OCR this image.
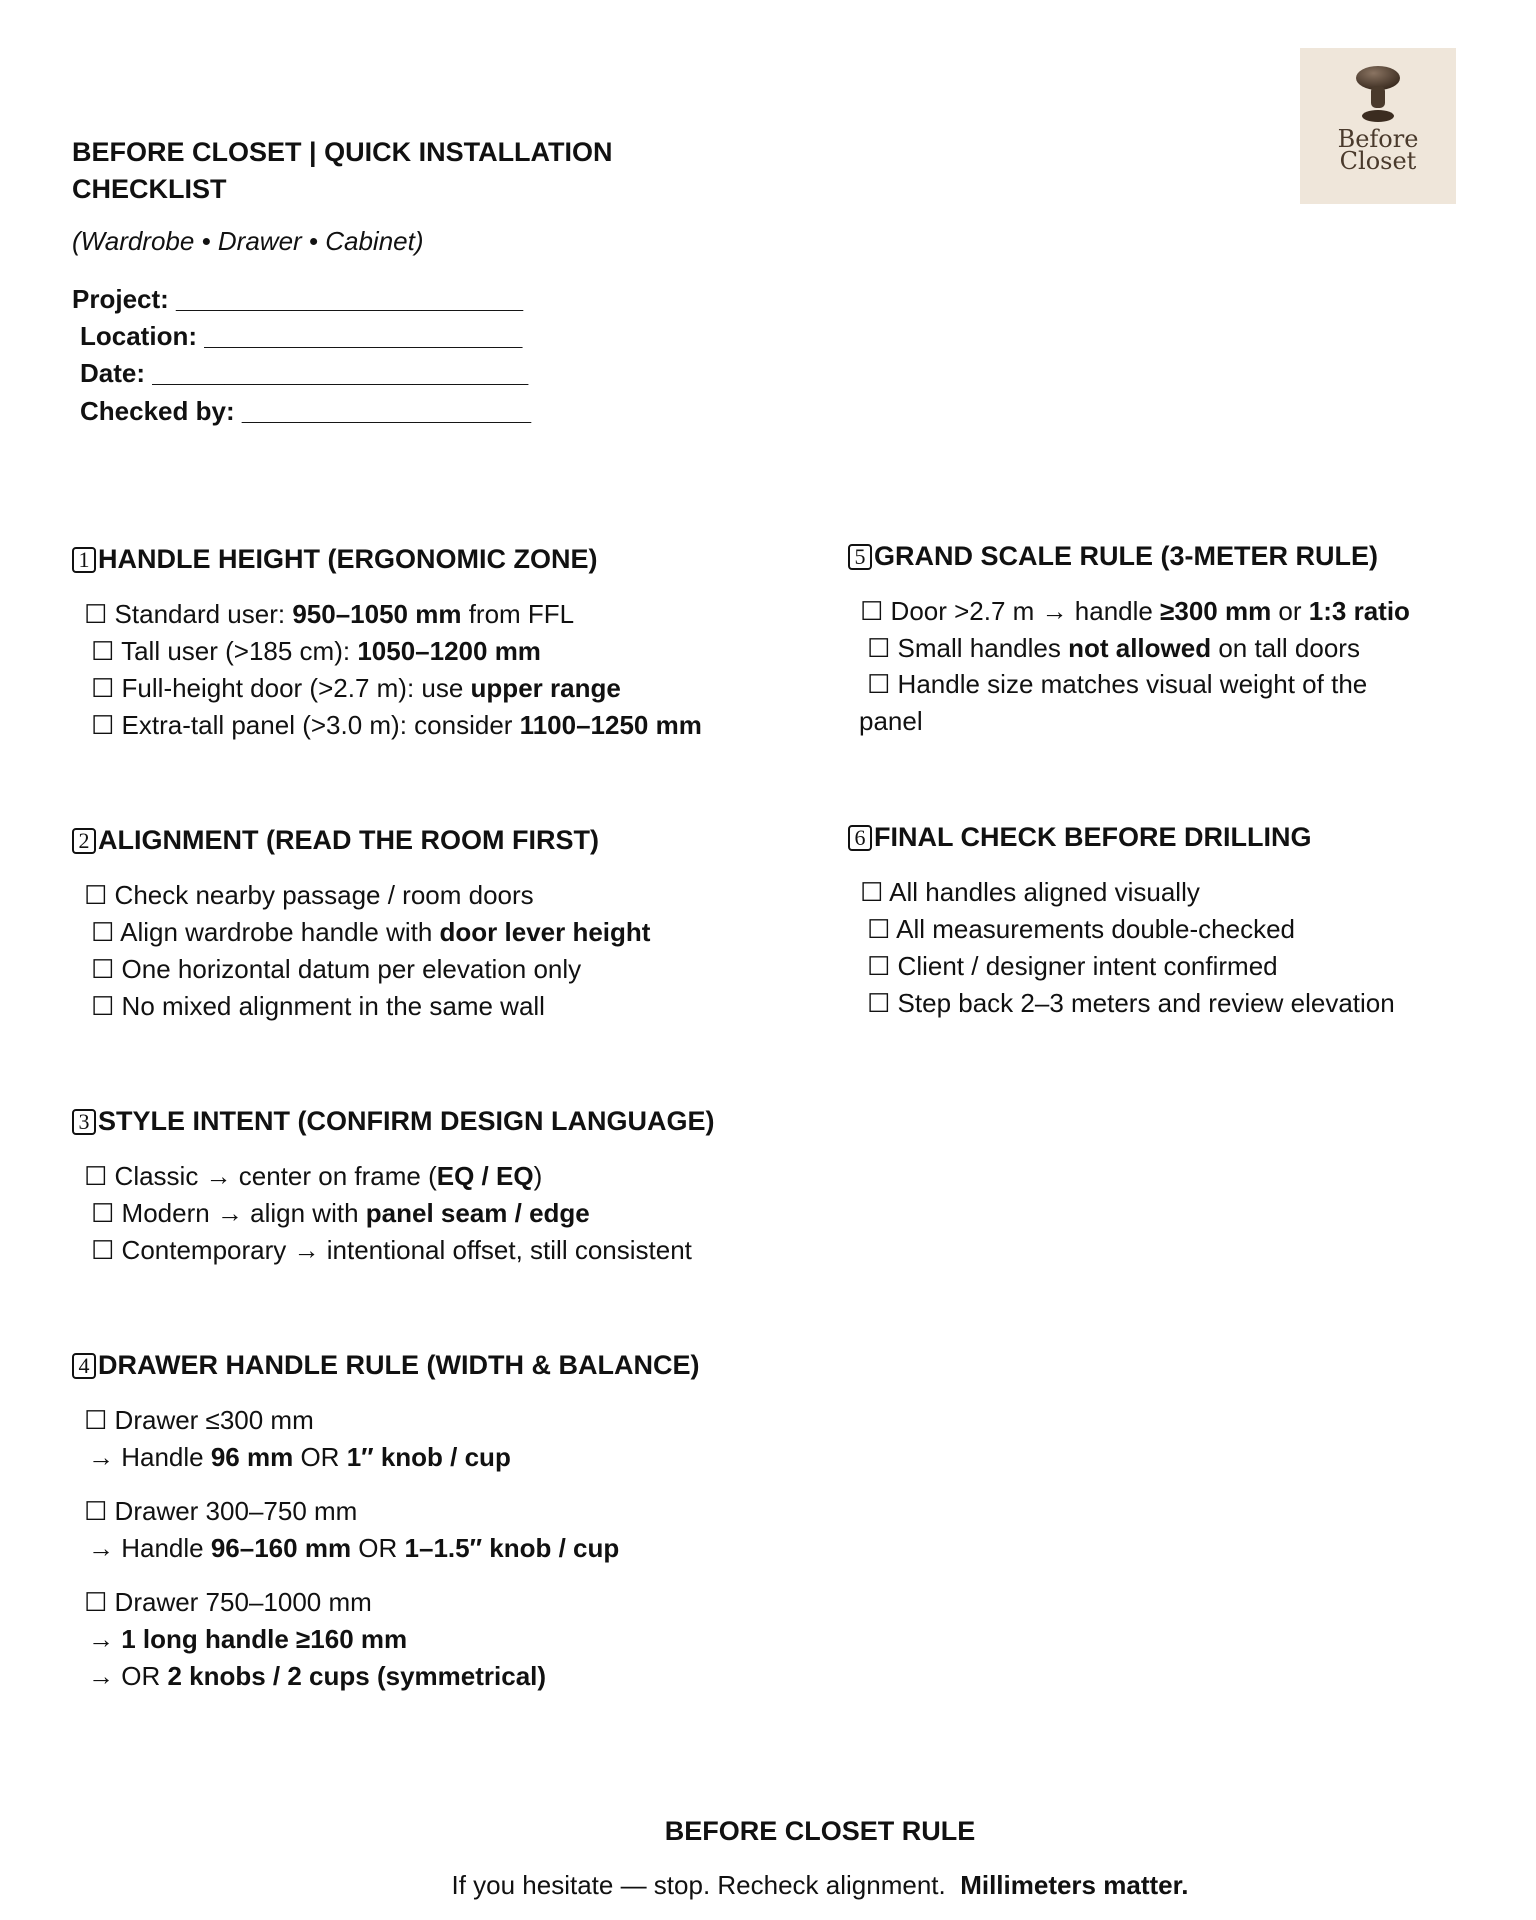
BEFORE CLOSET | QUICK INSTALLATION
CHECKLIST
(Wardrobe • Drawer • Cabinet)
Project: ________________________
Location: ______________________
Date: __________________________
Checked by: ____________________
Before
Closet
1 HANDLE HEIGHT (ERGONOMIC ZONE)
☐ Standard user: 950–1050 mm from FFL
☐ Tall user (>185 cm): 1050–1200 mm
☐ Full-height door (>2.7 m): use upper range
☐ Extra-tall panel (>3.0 m): consider 1100–1250 mm
2 ALIGNMENT (READ THE ROOM FIRST)
☐ Check nearby passage / room doors
☐ Align wardrobe handle with door lever height
☐ One horizontal datum per elevation only
☐ No mixed alignment in the same wall
3 STYLE INTENT (CONFIRM DESIGN LANGUAGE)
☐ Classic → center on frame (EQ / EQ)
☐ Modern → align with panel seam / edge
☐ Contemporary → intentional offset, still consistent
4 DRAWER HANDLE RULE (WIDTH & BALANCE)
☐ Drawer ≤300 mm
→ Handle 96 mm OR 1″ knob / cup
☐ Drawer 300–750 mm
→ Handle 96–160 mm OR 1–1.5″ knob / cup
☐ Drawer 750–1000 mm
→ 1 long handle ≥160 mm
→ OR 2 knobs / 2 cups (symmetrical)
5 GRAND SCALE RULE (3-METER RULE)
☐ Door >2.7 m → handle ≥300 mm or 1:3 ratio
☐ Small handles not allowed on tall doors
☐ Handle size matches visual weight of the panel
6 FINAL CHECK BEFORE DRILLING
☐ All handles aligned visually
☐ All measurements double-checked
☐ Client / designer intent confirmed
☐ Step back 2–3 meters and review elevation
BEFORE CLOSET RULE
If you hesitate — stop. Recheck alignment.  Millimeters matter.
